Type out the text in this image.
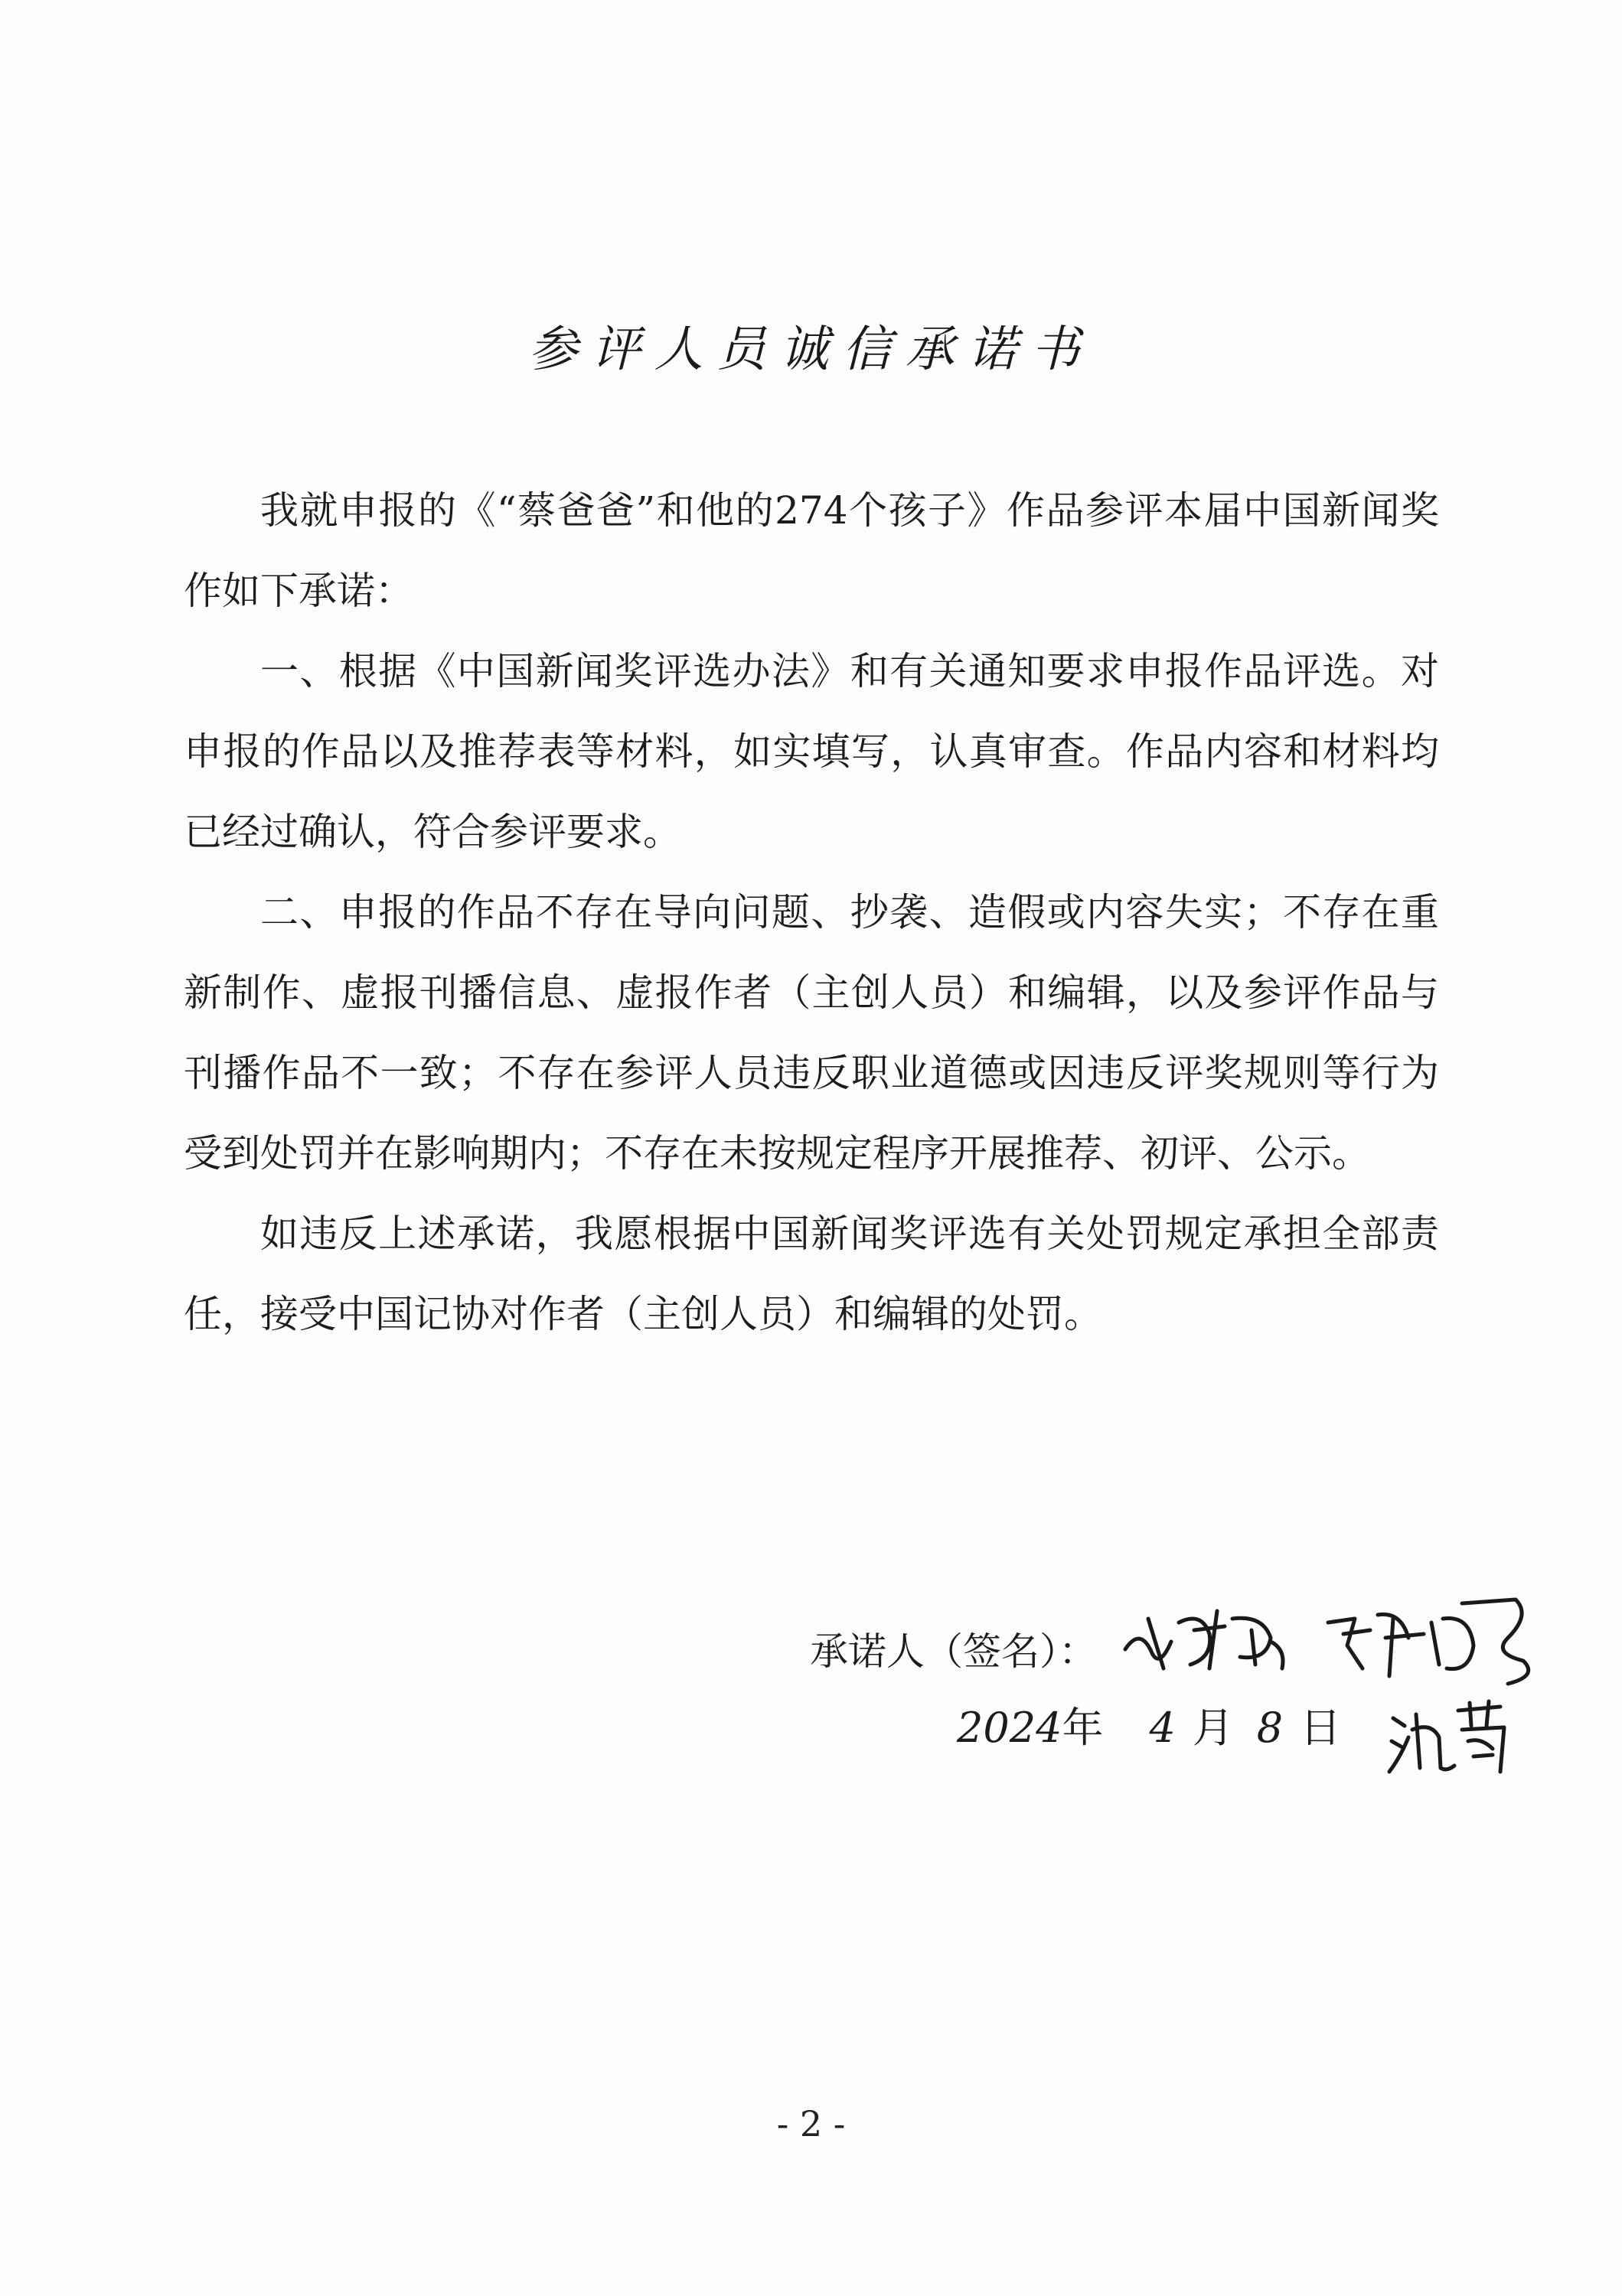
参评人员诚信承诺书

我就申报的《“蔡爸爸”和他的274个孩子》作品参评本届中国新闻奖作如下承诺：

一、根据《中国新闻奖评选办法》和有关通知要求申报作品评选。对申报的作品以及推荐表等材料，如实填写，认真审查。作品内容和材料均已经过确认，符合参评要求。

二、申报的作品不存在导向问题、抄袭、造假或内容失实；不存在重新制作、虚报刊播信息、虚报作者（主创人员）和编辑，以及参评作品与刊播作品不一致；不存在参评人员违反职业道德或因违反评奖规则等行为受到处罚并在影响期内；不存在未按规定程序开展推荐、初评、公示。

如违反上述承诺，我愿根据中国新闻奖评选有关处罚规定承担全部责任，接受中国记协对作者（主创人员）和编辑的处罚。

承诺人（签名）：
2024年 4 月 8 日
- 2 -
